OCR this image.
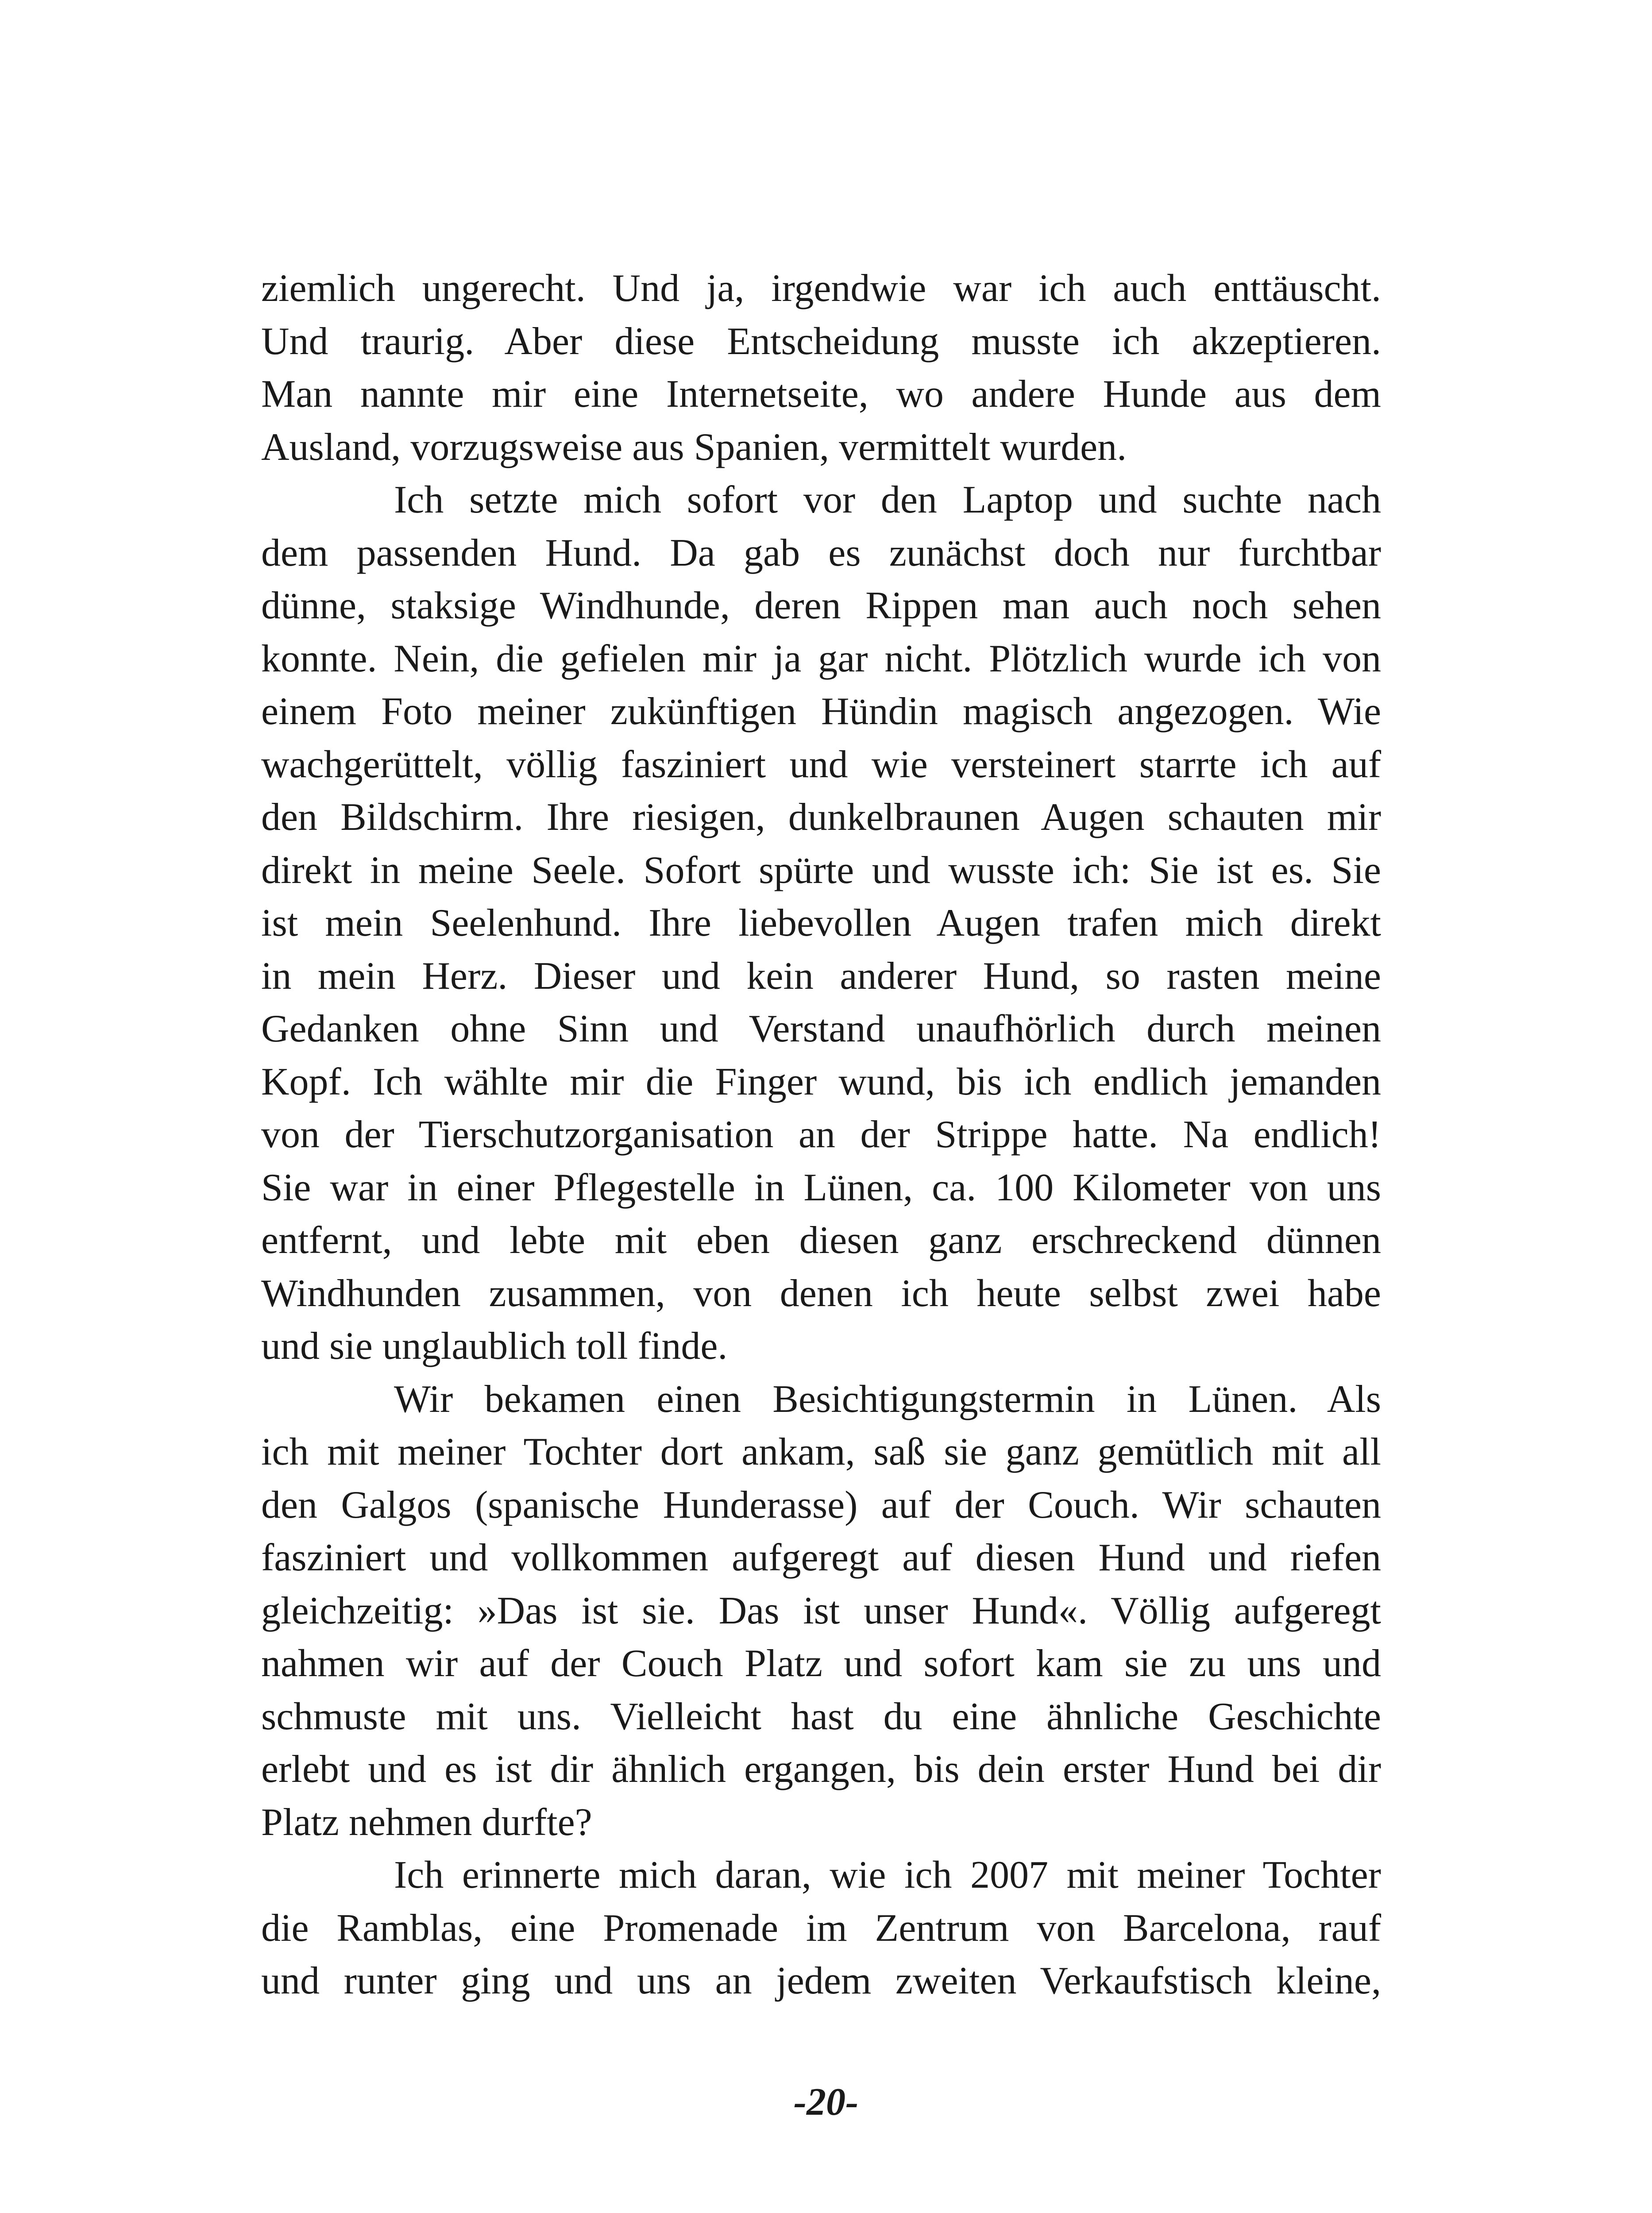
ziemlich ungerecht. Und ja, irgendwie war ich auch enttäuscht.
Und traurig. Aber diese Entscheidung musste ich akzeptieren.
Man nannte mir eine Internetseite, wo andere Hunde aus dem
Ausland, vorzugsweise aus Spanien, vermittelt wurden.
Ich setzte mich sofort vor den Laptop und suchte nach
dem passenden Hund. Da gab es zunächst doch nur furchtbar
dünne, staksige Windhunde, deren Rippen man auch noch sehen
konnte. Nein, die gefielen mir ja gar nicht. Plötzlich wurde ich von
einem Foto meiner zukünftigen Hündin magisch angezogen. Wie
wachgerüttelt, völlig fasziniert und wie versteinert starrte ich auf
den Bildschirm. Ihre riesigen, dunkelbraunen Augen schauten mir
direkt in meine Seele. Sofort spürte und wusste ich: Sie ist es. Sie
ist mein Seelenhund. Ihre liebevollen Augen trafen mich direkt
in mein Herz. Dieser und kein anderer Hund, so rasten meine
Gedanken ohne Sinn und Verstand unaufhörlich durch meinen
Kopf. Ich wählte mir die Finger wund, bis ich endlich jemanden
von der Tierschutzorganisation an der Strippe hatte. Na endlich!
Sie war in einer Pflegestelle in Lünen, ca. 100 Kilometer von uns
entfernt, und lebte mit eben diesen ganz erschreckend dünnen
Windhunden zusammen, von denen ich heute selbst zwei habe
und sie unglaublich toll finde.
Wir bekamen einen Besichtigungstermin in Lünen. Als
ich mit meiner Tochter dort ankam, saß sie ganz gemütlich mit all
den Galgos (spanische Hunderasse) auf der Couch. Wir schauten
fasziniert und vollkommen aufgeregt auf diesen Hund und riefen
gleichzeitig: »Das ist sie. Das ist unser Hund«. Völlig aufgeregt
nahmen wir auf der Couch Platz und sofort kam sie zu uns und
schmuste mit uns. Vielleicht hast du eine ähnliche Geschichte
erlebt und es ist dir ähnlich ergangen, bis dein erster Hund bei dir
Platz nehmen durfte?
Ich erinnerte mich daran, wie ich 2007 mit meiner Tochter
die Ramblas, eine Promenade im Zentrum von Barcelona, rauf
und runter ging und uns an jedem zweiten Verkaufstisch kleine,
-20-
